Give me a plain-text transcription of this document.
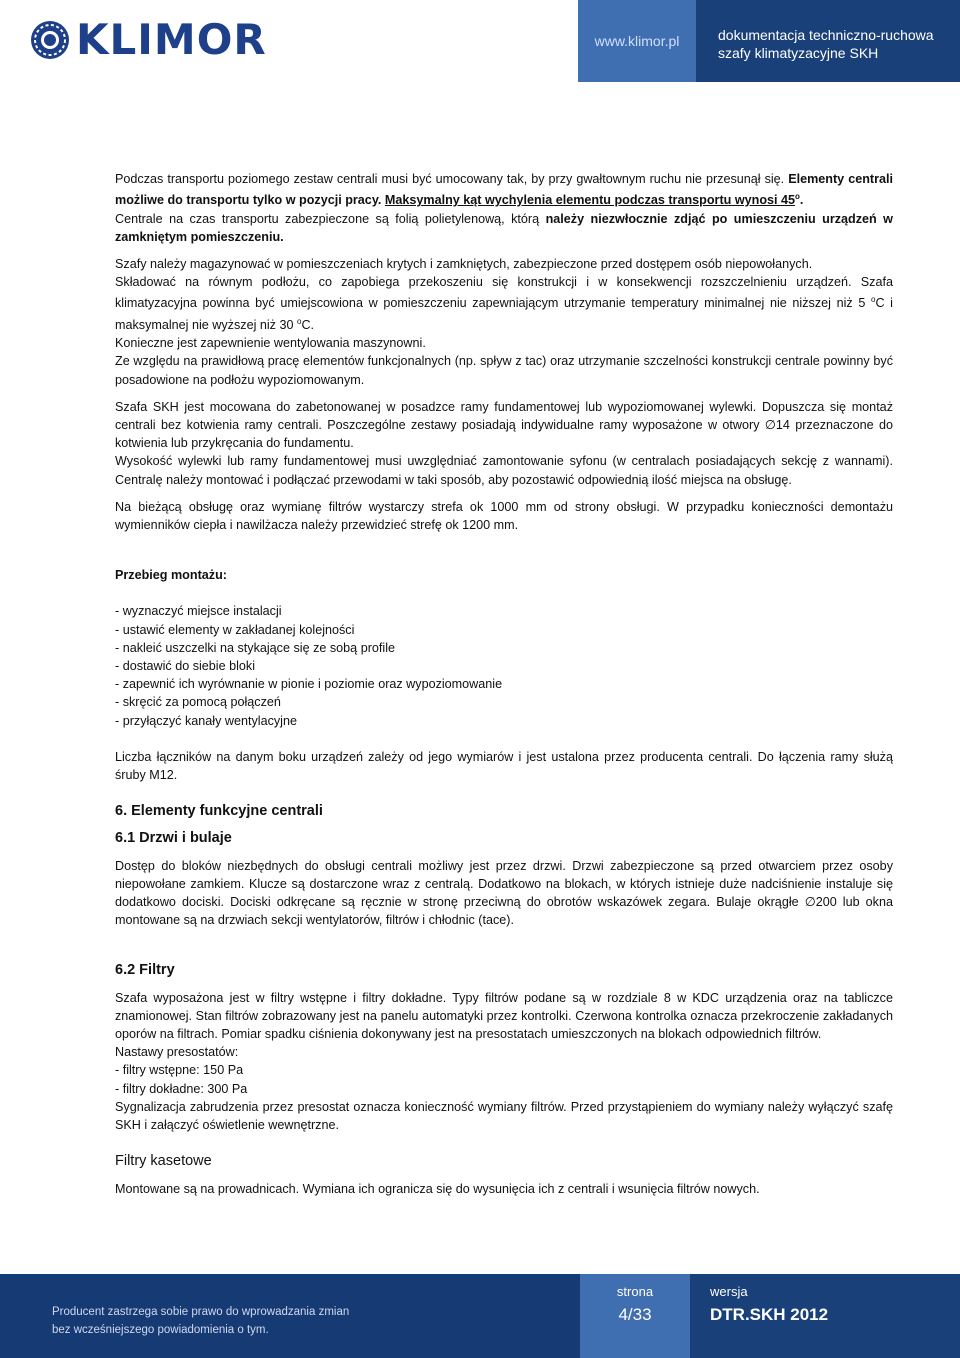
KLIMOR	www.klimor.pl	dokumentacja techniczno-ruchowa
szafy klimatyzacyjne SKH

Podczas transportu poziomego zestaw centrali musi być umocowany tak, by przy gwałtownym ruchu nie przesunął się. Elementy centrali możliwe do transportu tylko w pozycji pracy. Maksymalny kąt wychylenia elementu podczas transportu wynosi 45$^o$.

Centrale na czas transportu zabezpieczone są folią polietylenową, którą należy niezwłocznie zdjąć po umieszczeniu urządzeń w zamkniętym pomieszczeniu.

Szafy należy magazynować w pomieszczeniach krytych i zamkniętych, zabezpieczone przed dostępem osób niepowołanych.

Składować na równym podłożu, co zapobiega przekoszeniu się konstrukcji i w konsekwencji rozszczelnieniu urządzeń. Szafa klimatyzacyjna powinna być umiejscowiona w pomieszczeniu zapewniającym utrzymanie temperatury minimalnej nie niższej niż 5 $^o$C i maksymalnej nie wyższej niż 30 $^o$C.

Konieczne jest zapewnienie wentylowania maszynowni.

Ze względu na prawidłową pracę elementów funkcjonalnych (np. spływ z tac) oraz utrzymanie szczelności konstrukcji centrale powinny być posadowione na podłożu wypoziomowanym.

Szafa SKH jest mocowana do zabetonowanej w posadzce ramy fundamentowej lub wypoziomowanej wylewki. Dopuszcza się montaż centrali bez kotwienia ramy centrali. Poszczególne zestawy posiadają indywidualne ramy wyposażone w otwory ∅14 przeznaczone do kotwienia lub przykręcania do fundamentu.

Wysokość wylewki lub ramy fundamentowej musi uwzględniać zamontowanie syfonu (w centralach posiadających sekcję z wannami). Centralę należy montować i podłączać przewodami w taki sposób, aby pozostawić odpowiednią ilość miejsca na obsługę.

Na bieżącą obsługę oraz wymianę filtrów wystarczy strefa ok 1000 mm od strony obsługi. W przypadku konieczności demontażu wymienników ciepła i nawilżacza należy przewidzieć strefę ok 1200 mm.

Przebieg montażu:

- wyznaczyć miejsce instalacji
- ustawić elementy w zakładanej kolejności
- nakleić uszczelki na stykające się ze sobą profile
- dostawić do siebie bloki
- zapewnić ich wyrównanie w pionie i poziomie oraz wypoziomowanie
- skręcić za pomocą połączeń
- przyłączyć kanały wentylacyjne

Liczba łączników na danym boku urządzeń zależy od jego wymiarów i jest ustalona przez producenta centrali. Do łączenia ramy służą śruby M12.

6. Elementy funkcyjne centrali

6.1 Drzwi i bulaje

Dostęp do bloków niezbędnych do obsługi centrali możliwy jest przez drzwi. Drzwi zabezpieczone są przed otwarciem przez osoby niepowołane zamkiem. Klucze są dostarczone wraz z centralą. Dodatkowo na blokach, w których istnieje duże nadciśnienie instaluje się dodatkowo dociski. Dociski odkręcane są ręcznie w stronę przeciwną do obrotów wskazówek zegara. Bulaje okrągłe ∅200 lub okna montowane są na drzwiach sekcji wentylatorów, filtrów i chłodnic (tace).

6.2 Filtry

Szafa wyposażona jest w filtry wstępne i filtry dokładne. Typy filtrów podane są w rozdziale 8 w KDC urządzenia oraz na tabliczce znamionowej. Stan filtrów zobrazowany jest na panelu automatyki przez kontrolki. Czerwona kontrolka oznacza przekroczenie zakładanych oporów na filtrach. Pomiar spadku ciśnienia dokonywany jest na presostatach umieszczonych na blokach odpowiednich filtrów.

Nastawy presostatów:

- filtry wstępne: 150 Pa

- filtry dokładne: 300 Pa

Sygnalizacja zabrudzenia przez presostat oznacza konieczność wymiany filtrów. Przed przystąpieniem do wymiany należy wyłączyć szafę SKH i załączyć oświetlenie wewnętrzne.

Filtry kasetowe

Montowane są na prowadnicach. Wymiana ich ogranicza się do wysunięcia ich z centrali i wsunięcia filtrów nowych.

Producent zastrzega sobie prawo do wprowadzania zmian
bez wcześniejszego powiadomienia o tym.
strona
4/33
wersja
DTR.SKH 2012
